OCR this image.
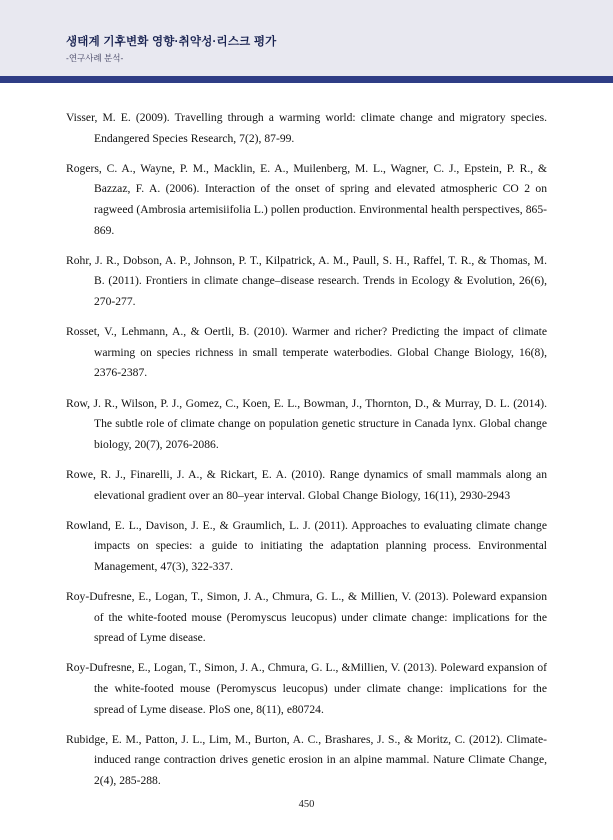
생태계 기후변화 영향·취약성·리스크 평가
-연구사례 분석-

Visser, M. E. (2009). Travelling through a warming world: climate change and migratory species. Endangered Species Research, 7(2), 87-99.

Rogers, C. A., Wayne, P. M., Macklin, E. A., Muilenberg, M. L., Wagner, C. J., Epstein, P. R., & Bazzaz, F. A. (2006). Interaction of the onset of spring and elevated atmospheric CO 2 on ragweed (Ambrosia artemisiifolia L.) pollen production. Environmental health perspectives, 865-869.

Rohr, J. R., Dobson, A. P., Johnson, P. T., Kilpatrick, A. M., Paull, S. H., Raffel, T. R., & Thomas, M. B. (2011). Frontiers in climate change–disease research. Trends in Ecology & Evolution, 26(6), 270-277.

Rosset, V., Lehmann, A., & Oertli, B. (2010). Warmer and richer? Predicting the impact of climate warming on species richness in small temperate waterbodies. Global Change Biology, 16(8), 2376-2387.

Row, J. R., Wilson, P. J., Gomez, C., Koen, E. L., Bowman, J., Thornton, D., & Murray, D. L. (2014). The subtle role of climate change on population genetic structure in Canada lynx. Global change biology, 20(7), 2076-2086.

Rowe, R. J., Finarelli, J. A., & Rickart, E. A. (2010). Range dynamics of small mammals along an elevational gradient over an 80–year interval. Global Change Biology, 16(11), 2930-2943

Rowland, E. L., Davison, J. E., & Graumlich, L. J. (2011). Approaches to evaluating climate change impacts on species: a guide to initiating the adaptation planning process. Environmental Management, 47(3), 322-337.

Roy-Dufresne, E., Logan, T., Simon, J. A., Chmura, G. L., & Millien, V. (2013). Poleward expansion of the white-footed mouse (Peromyscus leucopus) under climate change: implications for the spread of Lyme disease.

Roy-Dufresne, E., Logan, T., Simon, J. A., Chmura, G. L., &Millien, V. (2013). Poleward expansion of the white-footed mouse (Peromyscus leucopus) under climate change: implications for the spread of Lyme disease. PloS one, 8(11), e80724.

Rubidge, E. M., Patton, J. L., Lim, M., Burton, A. C., Brashares, J. S., & Moritz, C. (2012). Climate-induced range contraction drives genetic erosion in an alpine mammal. Nature Climate Change, 2(4), 285-288.

450
